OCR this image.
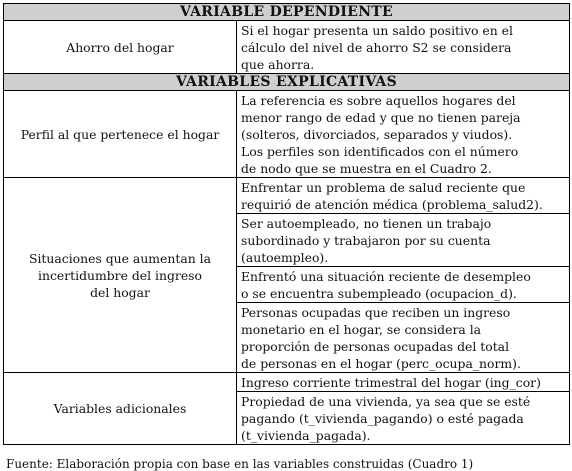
VARIABLE DEPENDIENTE	
Ahorro del hogar	Si el hogar presenta un saldo positivo en el
cálculo del nivel de ahorro S2 se considera
que ahorra.

VARIABLES EXPLICATIVAS	
Perfil al que pertenece el hogar	La referencia es sobre aquellos hogares del
menor rango de edad y que no tienen pareja
(solteros, divorciados, separados y viudos).
Los perfiles son identificados con el número
de nodo que se muestra en el Cuadro 2.

Situaciones que aumentan la
incertidumbre del ingreso
del hogar	Enfrentar un problema de salud reciente que
requirió de atención médica (problema_salud2).

	Ser autoempleado, no tienen un trabajo
subordinado y trabajaron por su cuenta
(autoempleo).

	Enfrentó una situación reciente de desempleo
o se encuentra subempleado (ocupacion_d).

	Personas ocupadas que reciben un ingreso
monetario en el hogar, se considera la
proporción de personas ocupadas del total
de personas en el hogar (perc_ocupa_norm).

Variables adicionales	Ingreso corriente trimestral del hogar (ing_cor)

	Propiedad de una vivienda, ya sea que se esté
pagando (t_vivienda_pagando) o esté pagada
(t_vivienda_pagada).
Fuente: Elaboración propia con base en las variables construidas (Cuadro 1)
